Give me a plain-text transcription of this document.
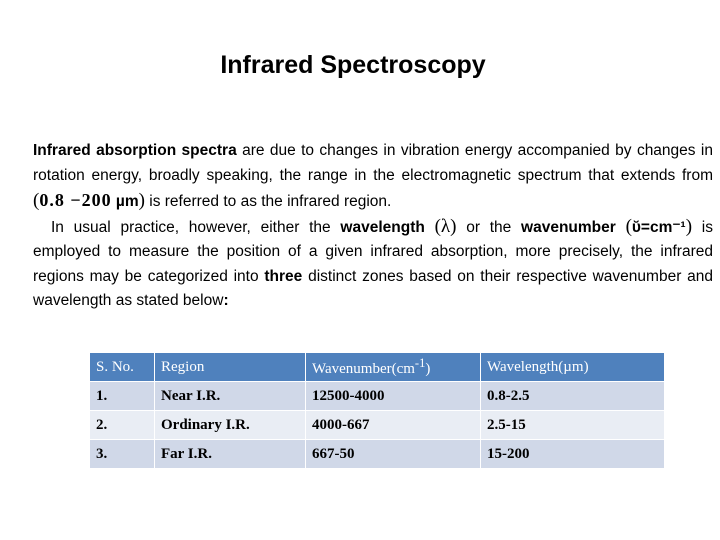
Infrared Spectroscopy

Infrared absorption spectra are due to changes in vibration energy accompanied by changes in rotation energy, broadly speaking, the range in the electromagnetic spectrum that extends from (0.8 −200 µm) is referred to as the infrared region.

In usual practice, however, either the wavelength (λ) or the wavenumber (ῠ=cm⁻¹) is employed to measure the position of a given infrared absorption, more precisely, the infrared regions may be categorized into three distinct zones based on their respective wavenumber and wavelength as stated below:

S. No.	Region	$Wavenumber(cm^{-1})$	Wavelength(µm)
1.	Near I.R.	12500-4000	0.8-2.5
2.	Ordinary I.R.	4000-667	2.5-15
3.	Far I.R.	667-50	15-200
